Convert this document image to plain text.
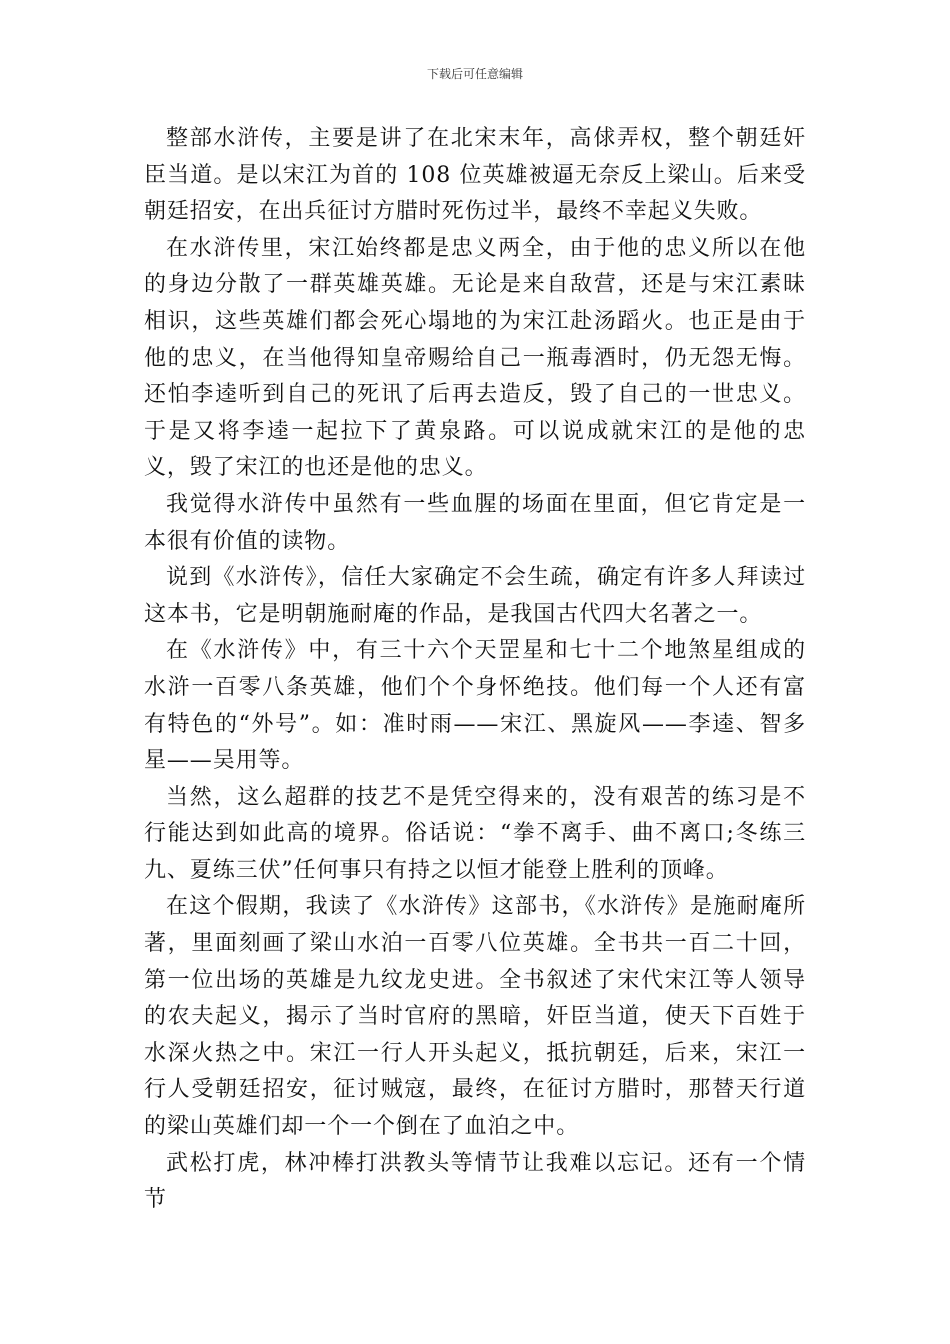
下载后可任意编辑

整部水浒传，主要是讲了在北宋末年，高俅弄权，整个朝廷奸臣当道。是以宋江为首的 108 位英雄被逼无奈反上梁山。后来受朝廷招安，在出兵征讨方腊时死伤过半，最终不幸起义失败。

在水浒传里，宋江始终都是忠义两全，由于他的忠义所以在他的身边分散了一群英雄英雄。无论是来自敌营，还是与宋江素昧相识，这些英雄们都会死心塌地的为宋江赴汤蹈火。也正是由于他的忠义，在当他得知皇帝赐给自己一瓶毒酒时，仍无怨无悔。还怕李逵听到自己的死讯了后再去造反，毁了自己的一世忠义。于是又将李逵一起拉下了黄泉路。可以说成就宋江的是他的忠义，毁了宋江的也还是他的忠义。

我觉得水浒传中虽然有一些血腥的场面在里面，但它肯定是一本很有价值的读物。

说到《水浒传》，信任大家确定不会生疏，确定有许多人拜读过这本书，它是明朝施耐庵的作品，是我国古代四大名著之一。

在《水浒传》中，有三十六个天罡星和七十二个地煞星组成的水浒一百零八条英雄，他们个个身怀绝技。他们每一个人还有富有特色的“外号”。如：准时雨——宋江、黑旋风——李逵、智多星——吴用等。

当然，这么超群的技艺不是凭空得来的，没有艰苦的练习是不行能达到如此高的境界。俗话说：“拳不离手、曲不离口;冬练三九、夏练三伏”任何事只有持之以恒才能登上胜利的顶峰。

在这个假期，我读了《水浒传》这部书，《水浒传》是施耐庵所著，里面刻画了梁山水泊一百零八位英雄。全书共一百二十回，第一位出场的英雄是九纹龙史进。全书叙述了宋代宋江等人领导的农夫起义，揭示了当时官府的黑暗，奸臣当道，使天下百姓于水深火热之中。宋江一行人开头起义，抵抗朝廷，后来，宋江一行人受朝廷招安，征讨贼寇，最终，在征讨方腊时，那替天行道的梁山英雄们却一个一个倒在了血泊之中。

武松打虎，林冲棒打洪教头等情节让我难以忘记。还有一个情节
